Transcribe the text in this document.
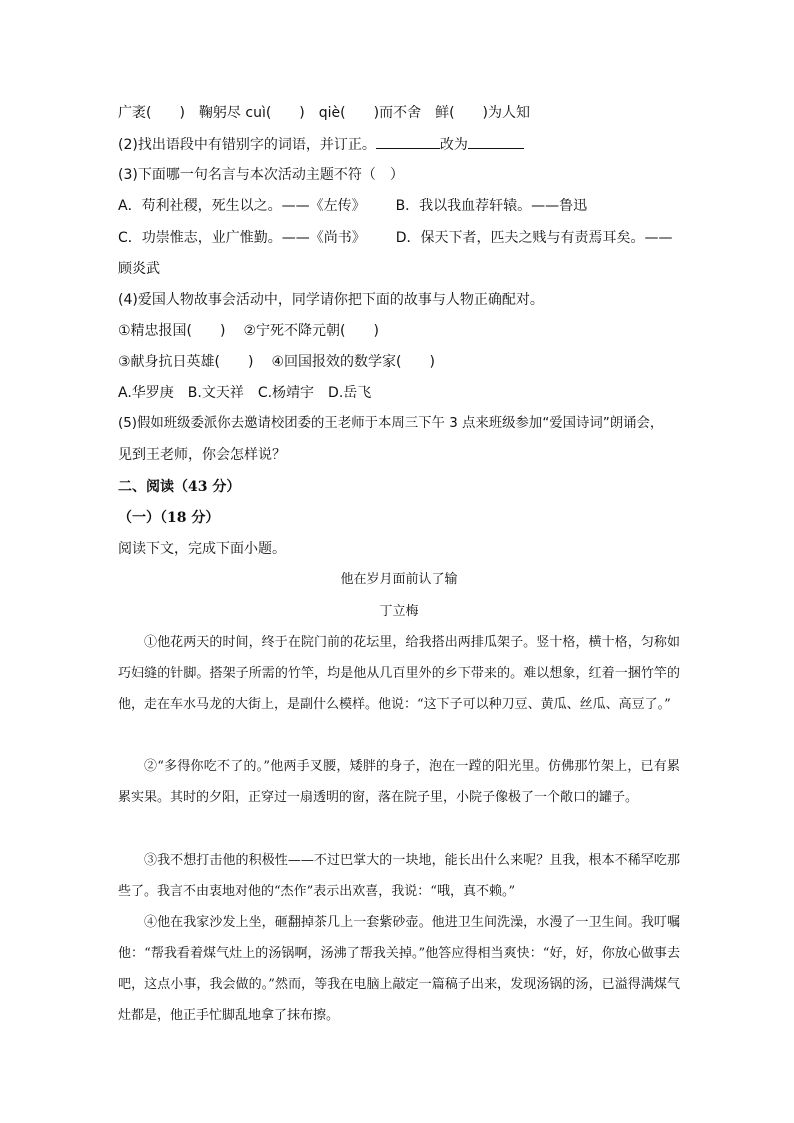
广袤(　　)　鞠躬尽 cuì(　　)　qiè(　　)而不舍　鲜(　　)为人知
(2)找出语段中有错别字的词语，并订正。	改为
(3)下面哪一句名言与本次活动主题不符（　）
A．苟利社稷，死生以之。——《左传》 B．我以我血荐轩辕。——鲁迅
C．功崇惟志，业广惟勤。——《尚书》 D．保天下者，匹夫之贱与有责焉耳矣。——
顾炎武
(4)爱国人物故事会活动中，同学请你把下面的故事与人物正确配对。
①精忠报国(　　) ②宁死不降元朝(　　)
③献身抗日英雄(　　) ④回国报效的数学家(　　)
A.华罗庚　B.文天祥　C.杨靖宇　D.岳飞
(5)假如班级委派你去邀请校团委的王老师于本周三下午 3 点来班级参加“爱国诗词”朗诵会，
见到王老师，你会怎样说？
二、阅读（43 分）
（一）（18 分）
阅读下文，完成下面小题。
他在岁月面前认了输
丁立梅
①他花两天的时间，终于在院门前的花坛里，给我搭出两排瓜架子。竖十格，横十格，匀称如巧妇缝的针脚。搭架子所需的竹竿，均是他从几百里外的乡下带来的。难以想象，红着一捆竹竿的他，走在车水马龙的大街上，是副什么模样。他说：“这下子可以种刀豆、黄瓜、丝瓜、高豆了。”
②“多得你吃不了的。”他两手叉腰，矮胖的身子，泡在一蹚的阳光里。仿佛那竹架上，已有累累实果。其时的夕阳，正穿过一扇透明的窗，落在院子里，小院子像极了一个敞口的罐子。
③我不想打击他的积极性——不过巴掌大的一块地，能长出什么来呢？且我，根本不稀罕吃那些了。我言不由衷地对他的“杰作”表示出欢喜，我说：“哦，真不赖。”
④他在我家沙发上坐，砸翻掉茶几上一套紫砂壶。他进卫生间洗澡，水漫了一卫生间。我叮嘱他：“帮我看着煤气灶上的汤锅啊，汤沸了帮我关掉。”他答应得相当爽快：“好，好，你放心做事去吧，这点小事，我会做的。”然而，等我在电脑上敲定一篇稿子出来，发现汤锅的汤，已溢得满煤气灶都是，他正手忙脚乱地拿了抹布擦。
